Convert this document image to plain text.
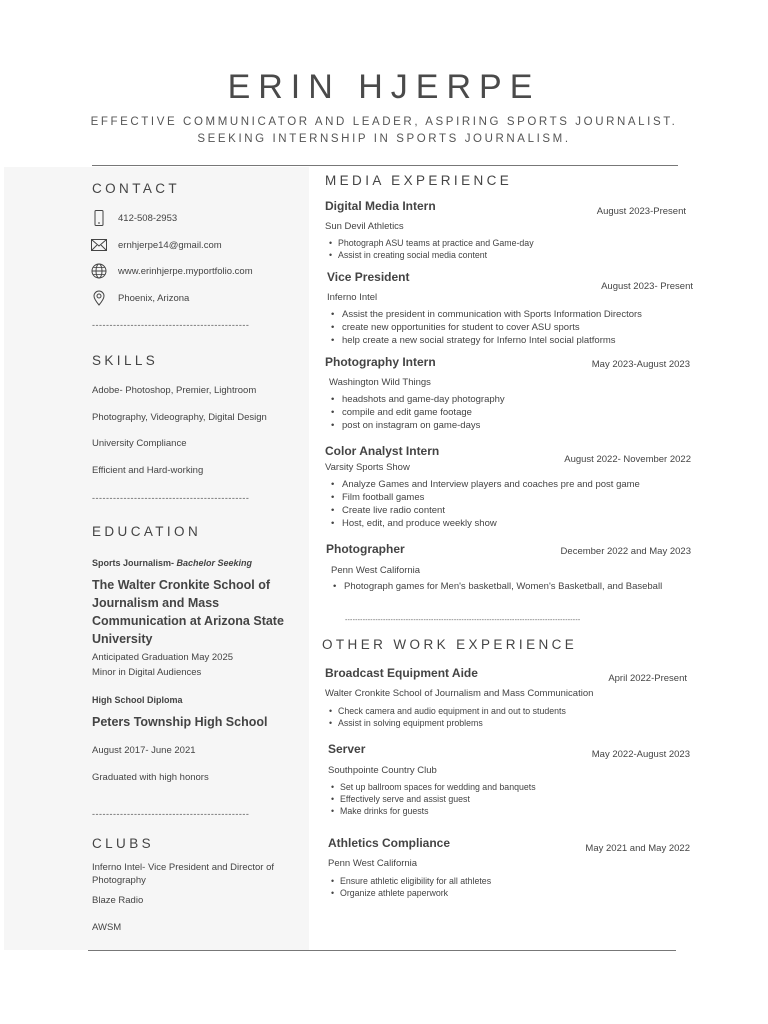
ERIN HJERPE
EFFECTIVE COMMUNICATOR AND LEADER, ASPIRING SPORTS JOURNALIST. SEEKING INTERNSHIP IN SPORTS JOURNALISM.
CONTACT
412-508-2953
ernhjerpe14@gmail.com
www.erinhjerpe.myportfolio.com
Phoenix, Arizona
---------------------------------------------
SKILLS
Adobe- Photoshop, Premier, Lightroom
Photography, Videography, Digital Design
University Compliance
Efficient and Hard-working
---------------------------------------------
EDUCATION
Sports Journalism- Bachelor Seeking
The Walter Cronkite School of Journalism and Mass Communication at Arizona State University
Anticipated Graduation May 2025
Minor in Digital Audiences
High School Diploma
Peters Township High School
August 2017- June 2021
Graduated with high honors
---------------------------------------------
CLUBS
Inferno Intel- Vice President and Director of Photography
Blaze Radio
AWSM
MEDIA EXPERIENCE
Digital Media Intern	August 2023-Present
Sun Devil Athletics
• Photograph ASU teams at practice and Game-day
• Assist in creating social media content
Vice President
August 2023- Present
Inferno Intel
• Assist the president in communication with Sports Information Directors
• create new opportunities for student to cover ASU sports
• help create a new social strategy for Inferno Intel social platforms
Photography Intern	May 2023-August 2023
Washington Wild Things
• headshots and game-day photography
• compile and edit game footage
• post on instagram on game-days
Color Analyst Intern
August 2022- November 2022
Varsity Sports Show
• Analyze Games and Interview players and coaches pre and post game
• Film football games
• Create live radio content
• Host, edit, and produce weekly show
Photographer	December 2022 and May 2023
Penn West California
• Photograph games for Men's basketball, Women's Basketball, and Baseball
---------------------------------------------------------------------------------------------
OTHER WORK EXPERIENCE
Broadcast Equipment Aide	April 2022-Present
Walter Cronkite School of Journalism and Mass Communication
• Check camera and audio equipment in and out to students
• Assist in solving equipment problems
Server	May 2022-August 2023
Southpointe Country Club
• Set up ballroom spaces for wedding and banquets
• Effectively serve and assist guest
• Make drinks for guests
Athletics Compliance	May 2021 and May 2022
Penn West California
• Ensure athletic eligibility for all athletes
• Organize athlete paperwork
